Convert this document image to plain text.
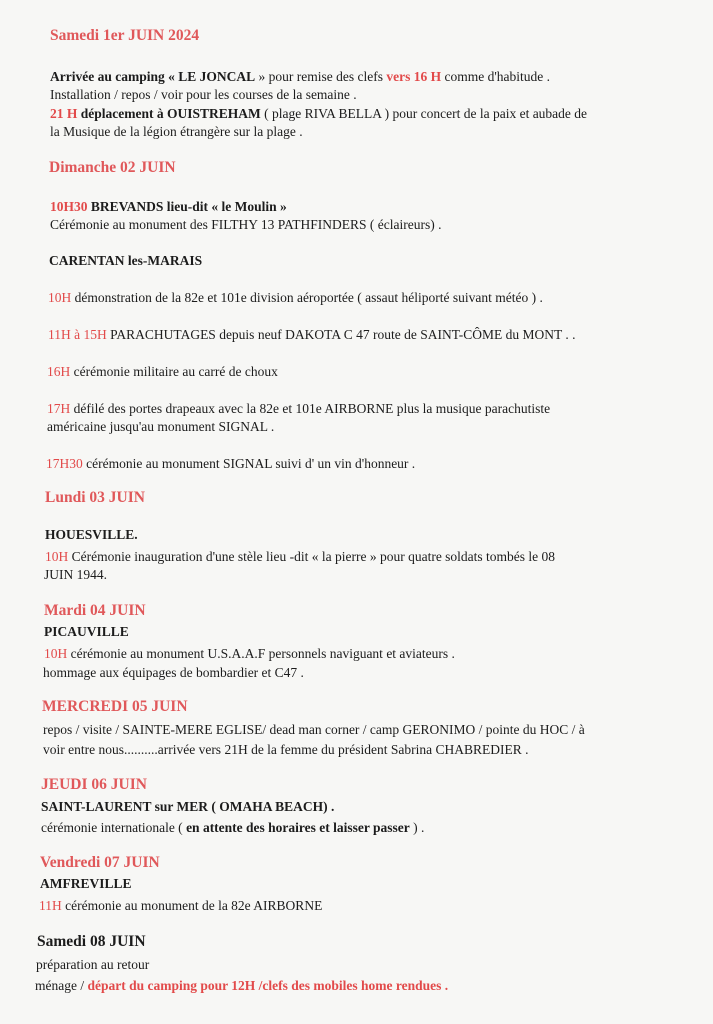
Samedi 1er JUIN 2024
Arrivée au camping « LE JONCAL » pour remise des clefs vers 16 H comme d'habitude .
Installation / repos / voir pour les courses de la semaine .
21 H déplacement à OUISTREHAM ( plage RIVA BELLA ) pour concert de la paix et aubade de
la Musique de la légion étrangère sur la plage .
Dimanche 02 JUIN
10H30 BREVANDS lieu-dit « le Moulin »
Cérémonie au monument des FILTHY 13 PATHFINDERS ( éclaireurs) .
CARENTAN les-MARAIS
10H démonstration de la 82e et 101e division aéroportée ( assaut héliporté suivant météo ) .
11H à 15H PARACHUTAGES depuis neuf DAKOTA C 47 route de SAINT-CÔME du MONT . .
16H cérémonie militaire au carré de choux
17H défilé des portes drapeaux avec la 82e et 101e AIRBORNE plus la musique parachutiste
américaine jusqu'au monument SIGNAL .
17H30 cérémonie au monument SIGNAL suivi d' un vin d'honneur .
Lundi 03 JUIN
HOUESVILLE.
10H Cérémonie inauguration d'une stèle lieu -dit « la pierre » pour quatre soldats tombés le 08
JUIN 1944.
Mardi 04 JUIN
PICAUVILLE
10H cérémonie au monument U.S.A.A.F personnels naviguant et aviateurs .
hommage aux équipages de bombardier et C47 .
MERCREDI 05 JUIN
repos / visite / SAINTE-MERE EGLISE/ dead man corner / camp GERONIMO / pointe du HOC / à
voir entre nous..........arrivée vers 21H de la femme du président Sabrina CHABREDIER .
JEUDI 06 JUIN
SAINT-LAURENT sur MER ( OMAHA BEACH) .
cérémonie internationale ( en attente des horaires et laisser passer ) .
Vendredi 07 JUIN
AMFREVILLE
11H cérémonie au monument de la 82e AIRBORNE
Samedi 08 JUIN
préparation au retour
ménage / départ du camping pour 12H /clefs des mobiles home rendues .
